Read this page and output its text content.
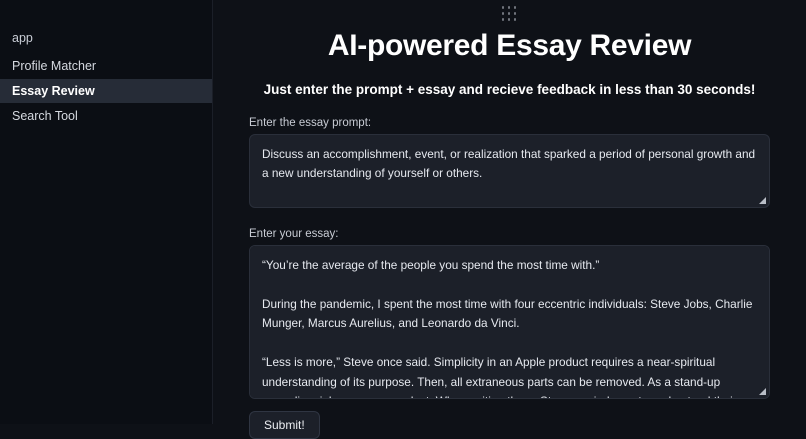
app
Profile Matcher
Essay Review
Search Tool
AI-powered Essay Review
Just enter the prompt + essay and recieve feedback in less than 30 seconds!
Enter the essay prompt:
Discuss an accomplishment, event, or realization that sparked a period of personal growth and a new understanding of yourself or others.
Enter your essay:
“You’re the average of the people you spend the most time with.” During the pandemic, I spent the most time with four eccentric individuals: Steve Jobs, Charlie Munger, Marcus Aurelius, and Leonardo da Vinci. “Less is more,” Steve once said. Simplicity in an Apple product requires a near-spiritual understanding of its purpose. Then, all extraneous parts can be removed. As a stand-up comedian, jokes are my product. When writing them, Steve reminds me to understand their essence and
Submit!
